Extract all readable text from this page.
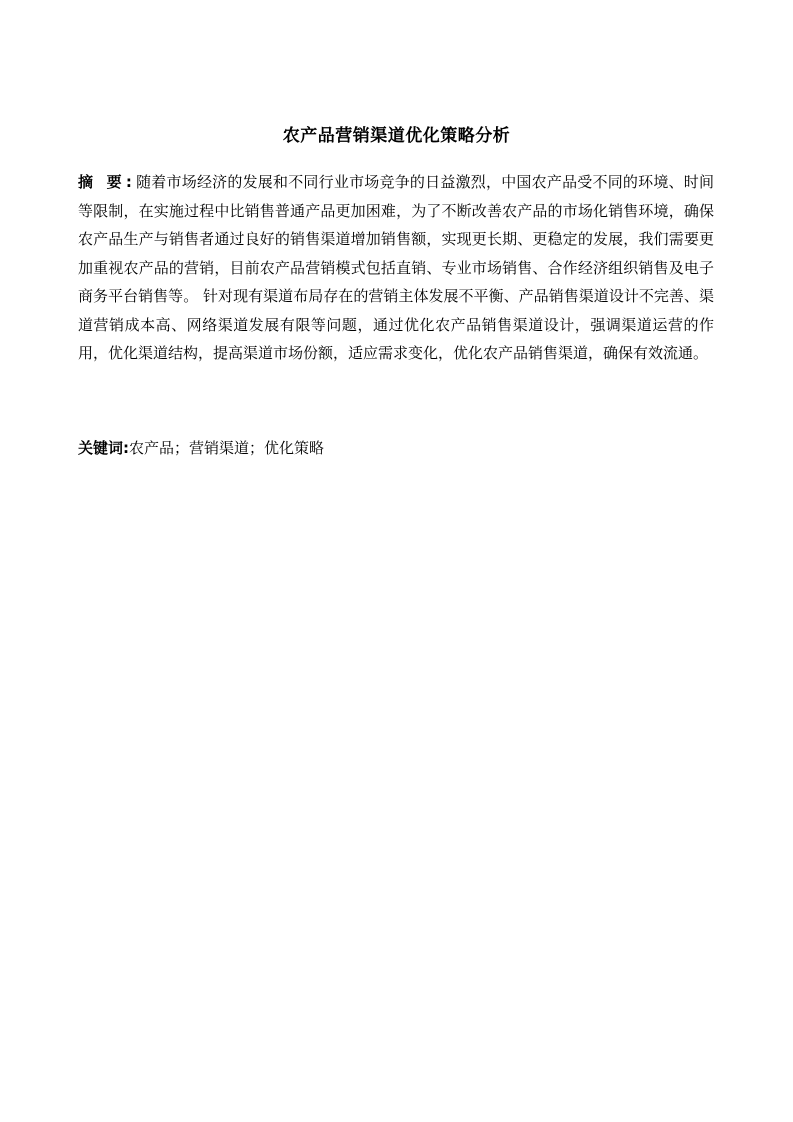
农产品营销渠道优化策略分析
摘 要:随着市场经济的发展和不同行业市场竞争的日益激烈，中国农产品受不同的环境、时间等限制，在实施过程中比销售普通产品更加困难，为了不断改善农产品的市场化销售环境，确保农产品生产与销售者通过良好的销售渠道增加销售额，实现更长期、更稳定的发展，我们需要更加重视农产品的营销，目前农产品营销模式包括直销、专业市场销售、合作经济组织销售及电子商务平台销售等。 针对现有渠道布局存在的营销主体发展不平衡、产品销售渠道设计不完善、渠道营销成本高、网络渠道发展有限等问题，通过优化农产品销售渠道设计，强调渠道运营的作用，优化渠道结构，提高渠道市场份额，适应需求变化，优化农产品销售渠道，确保有效流通。
关键词:农产品；营销渠道；优化策略
